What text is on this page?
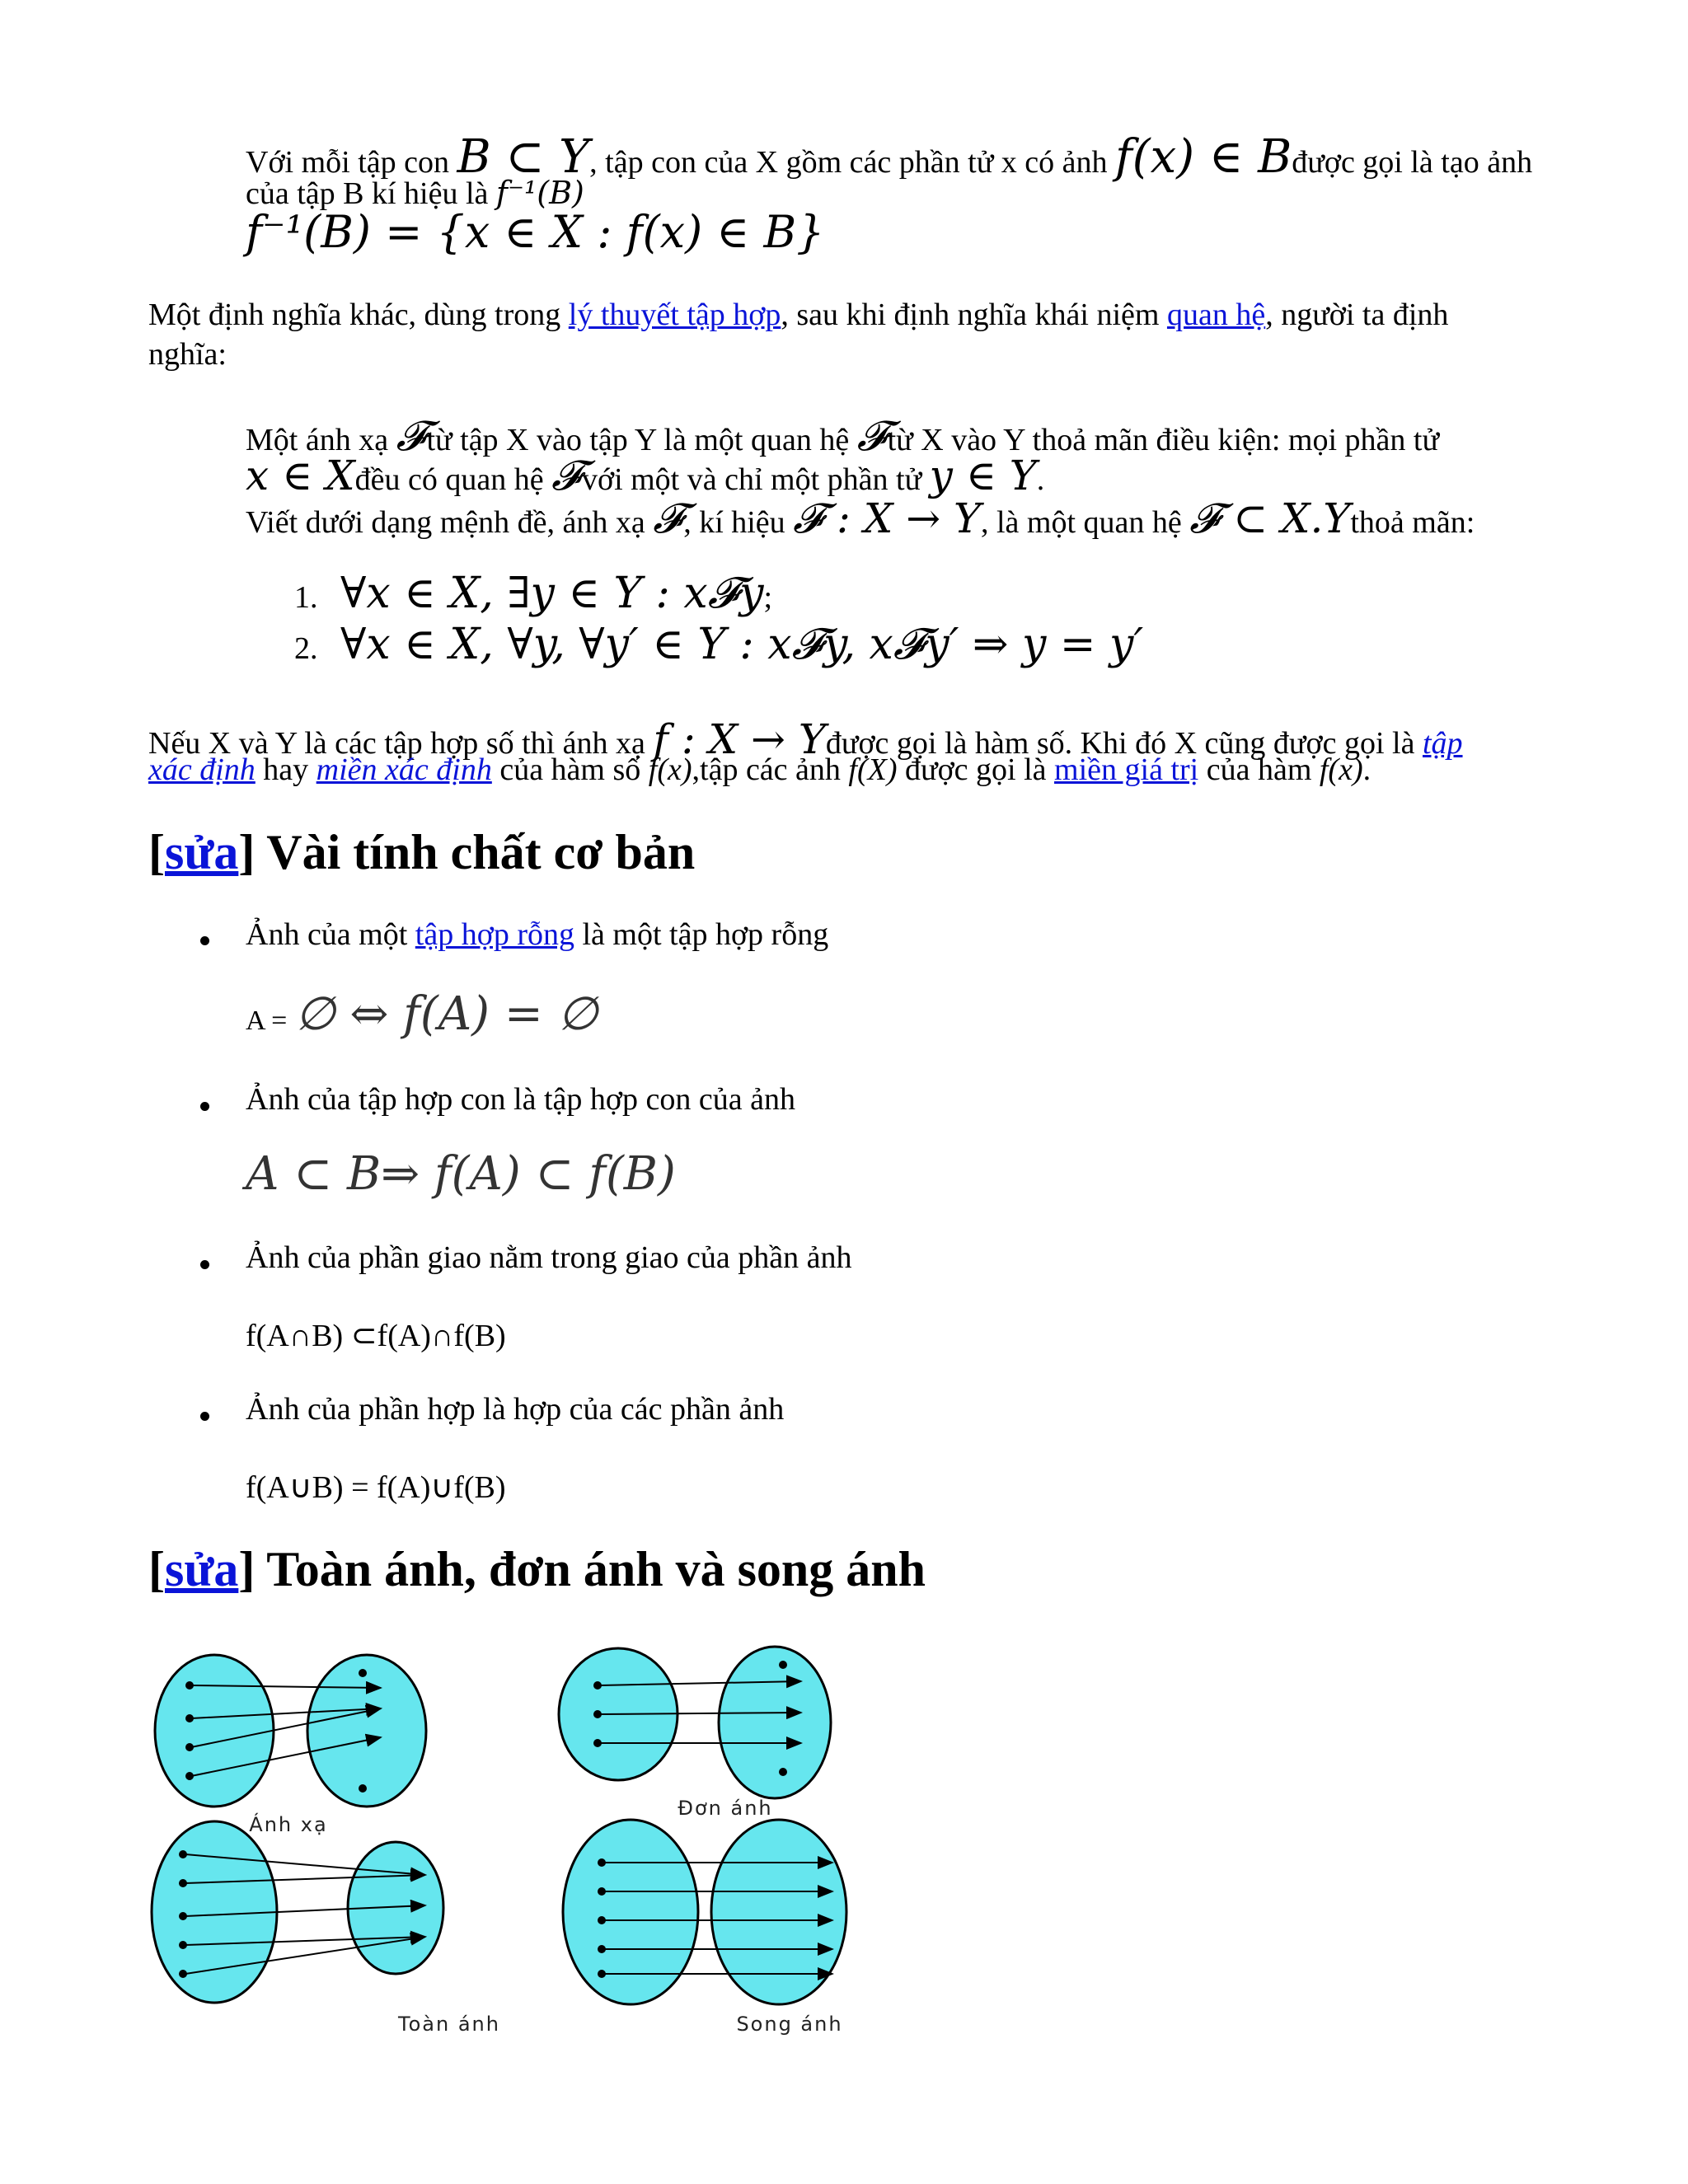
Với mỗi tập con B ⊂ Y, tập con của X gồm các phần tử x có ảnh f(x) ∈ Bđược gọi là tạo ảnh
của tập B kí hiệu là f⁻¹(B)
f⁻¹(B) = {x ∈ X : f(x) ∈ B}
Một định nghĩa khác, dùng trong lý thuyết tập hợp, sau khi định nghĩa khái niệm quan hệ, người ta định
nghĩa:
Một ánh xạ 𝓕từ tập X vào tập Y là một quan hệ 𝓕từ X vào Y thoả mãn điều kiện: mọi phần tử
x ∈ Xđều có quan hệ 𝓕với một và chỉ một phần tử y ∈ Y.
Viết dưới dạng mệnh đề, ánh xạ 𝓕, kí hiệu 𝓕 : X → Y, là một quan hệ 𝓕 ⊂ X.Ythoả mãn:
1. ∀x ∈ X, ∃y ∈ Y : x𝓕y;
2. ∀x ∈ X, ∀y, ∀y′ ∈ Y : x𝓕y, x𝓕y′ ⇒ y = y′
Nếu X và Y là các tập hợp số thì ánh xạ f : X → Yđược gọi là hàm số. Khi đó X cũng được gọi là tập
xác định hay miền xác định của hàm số f(x),tập các ảnh f(X) được gọi là miền giá trị của hàm f(x).
[sửa] Vài tính chất cơ bản
Ảnh của một tập hợp rỗng là một tập hợp rỗng
A = ∅ ⇔ f(A) = ∅
Ảnh của tập hợp con là tập hợp con của ảnh
A ⊂ B⇒ f(A) ⊂ f(B)
Ảnh của phần giao nằm trong giao của phần ảnh
f(A∩B) ⊂f(A)∩f(B)
Ảnh của phần hợp là hợp của các phần ảnh
f(A∪B) = f(A)∪f(B)
[sửa] Toàn ánh, đơn ánh và song ánh
Ánh xạ
Đơn ánh
Toàn ánh	Song ánh
